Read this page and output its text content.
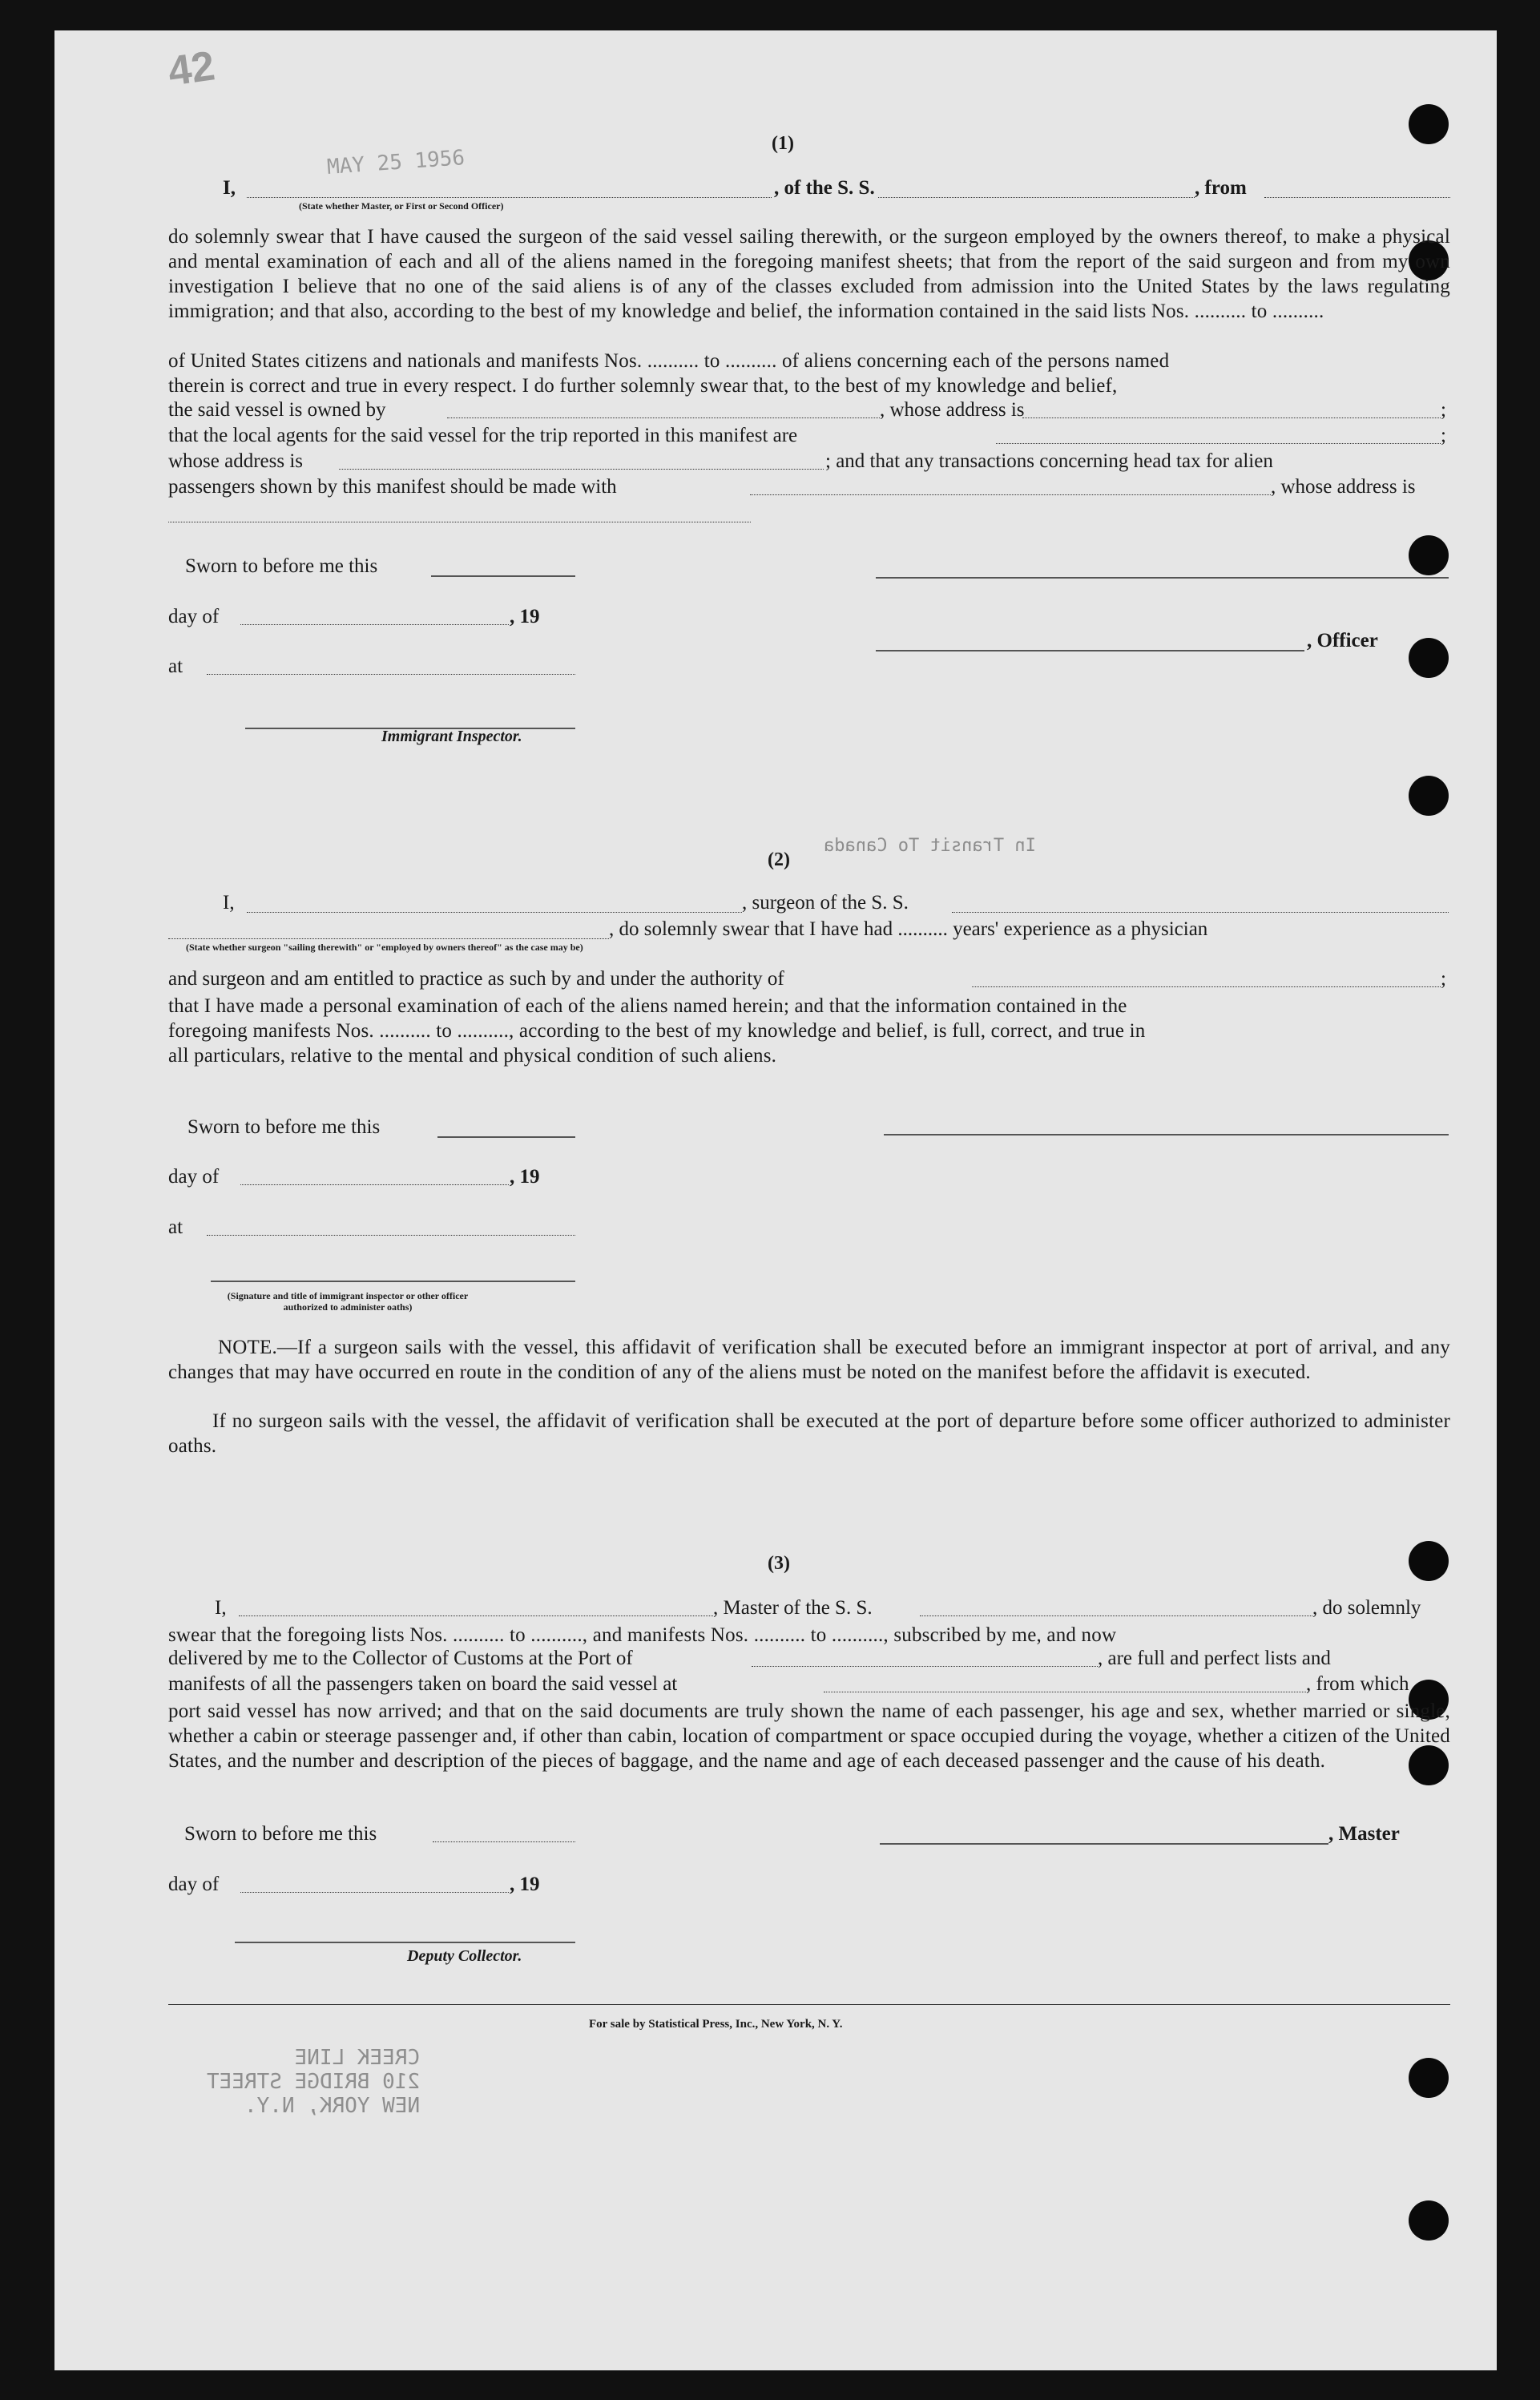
42
MAY 25 1956
In Transit To Canada
CREEK LINE
210 BRIDGE STREET
NEW YORK, N.Y.
(1)
I,
(State whether Master, or First or Second Officer)
, of the S. S.	, from
do solemnly swear that I have caused the surgeon of the said vessel sailing therewith, or the surgeon employed by the owners thereof, to make a physical and mental examination of each and all of the aliens named in the foregoing manifest sheets; that from the report of the said surgeon and from my own investigation I believe that no one of the said aliens is of any of the classes excluded from admission into the United States by the laws regulating immigration; and that also, according to the best of my knowledge and belief, the information contained in the said lists Nos. .......... to ..........
of United States citizens and nationals and manifests Nos. .......... to .......... of aliens concerning each of the persons named
therein is correct and true in every respect. I do further solemnly swear that, to the best of my knowledge and belief,
the said vessel is owned by	, whose address is	;
that the local agents for the said vessel for the trip reported in this manifest are	;
whose address is	; and that any transactions concerning head tax for alien
passengers shown by this manifest should be made with	, whose address is
Sworn to before me this
day of	, 19
at
Immigrant Inspector.
, Officer
(2)
I,	, surgeon of the S. S.
, do solemnly swear that I have had .......... years' experience as a physician
(State whether surgeon "sailing therewith" or "employed by owners thereof" as the case may be)
and surgeon and am entitled to practice as such by and under the authority of	;
that I have made a personal examination of each of the aliens named herein; and that the information contained in the
foregoing manifests Nos. .......... to .........., according to the best of my knowledge and belief, is full, correct, and true in
all particulars, relative to the mental and physical condition of such aliens.
Sworn to before me this
day of	, 19
at
(Signature and title of immigrant inspector or other officer authorized to administer oaths)
NOTE.—If a surgeon sails with the vessel, this affidavit of verification shall be executed before an immigrant inspector at port of arrival, and any changes that may have occurred en route in the condition of any of the aliens must be noted on the manifest before the affidavit is executed.
If no surgeon sails with the vessel, the affidavit of verification shall be executed at the port of departure before some officer authorized to administer oaths.
(3)
I,	, Master of the S. S.	, do solemnly
swear that the foregoing lists Nos. .......... to .........., and manifests Nos. .......... to .........., subscribed by me, and now
delivered by me to the Collector of Customs at the Port of	, are full and perfect lists and
manifests of all the passengers taken on board the said vessel at	, from which
port said vessel has now arrived; and that on the said documents are truly shown the name of each passenger, his age and sex, whether married or single, whether a cabin or steerage passenger and, if other than cabin, location of compartment or space occupied during the voyage, whether a citizen of the United States, and the number and description of the pieces of baggage, and the name and age of each deceased passenger and the cause of his death.
Sworn to before me this
day of	, 19
Deputy Collector.
, Master
For sale by Statistical Press, Inc., New York, N. Y.
